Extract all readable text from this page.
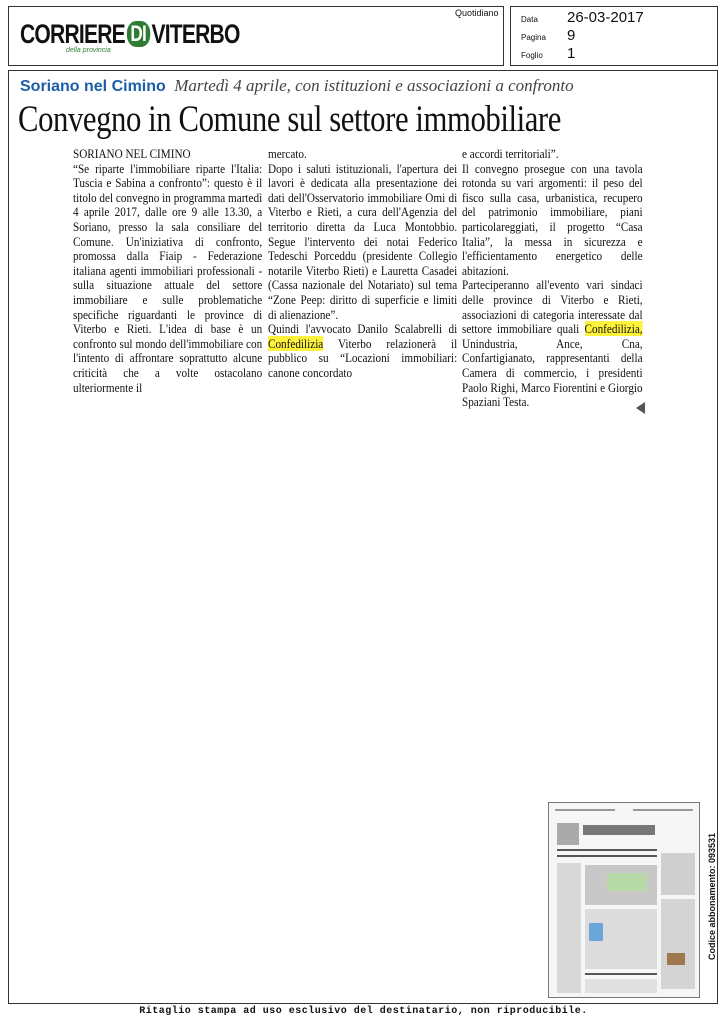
CORRIERE DI VITERBO
della provincia
Quotidiano
Data	26-03-2017
Pagina	9
Foglio	1
Soriano nel Cimino Martedì 4 aprile, con istituzioni e associazioni a confronto
Convegno in Comune sul settore immobiliare
SORIANO NEL CIMINO

“Se riparte l'immobiliare riparte l'Italia: Tuscia e Sabina a confronto”: questo è il titolo del convegno in programma martedì 4 aprile 2017, dalle ore 9 alle 13.30, a Soriano, presso la sala consiliare del Comune. Un'iniziativa di confronto, promossa dalla Fiaip - Federazione italiana agenti immobiliari professionali - sulla situazione attuale del settore immobiliare e sulle problematiche specifiche riguardanti le province di Viterbo e Rieti. L'idea di base è un confronto sul mondo dell'immobiliare con l'intento di affrontare soprattutto alcune criticità che a volte ostacolano ulteriormente il

mercato.

Dopo i saluti istituzionali, l'apertura dei lavori è dedicata alla presentazione dei dati dell'Osservatorio immobiliare Omi di Viterbo e Rieti, a cura dell'Agenzia del territorio diretta da Luca Montobbio. Segue l'intervento dei notai Federico Tedeschi Porceddu (presidente Collegio notarile Viterbo Rieti) e Lauretta Casadei (Cassa nazionale del Notariato) sul tema “Zone Peep: diritto di superficie e limiti di alienazione”.

Quindi l'avvocato Danilo Scalabrelli di Confedilizia Viterbo relazionerà il pubblico su “Locazioni immobiliari: canone concordato

e accordi territoriali”.

Il convegno prosegue con una tavola rotonda su vari argomenti: il peso del fisco sulla casa, urbanistica, recupero del patrimonio immobiliare, piani particolareggiati, il progetto “Casa Italia”, la messa in sicurezza e l'efficientamento energetico delle abitazioni.

Parteciperanno all'evento vari sindaci delle province di Viterbo e Rieti, associazioni di categoria interessate dal settore immobiliare quali Confedilizia, Unindustria, Ance, Cna, Confartigianato, rappresentanti della Camera di commercio, i presidenti Paolo Righi, Marco Fiorentini e Giorgio Spaziani Testa.

Codice abbonamento: 093531
Ritaglio stampa ad uso esclusivo del destinatario, non riproducibile.
